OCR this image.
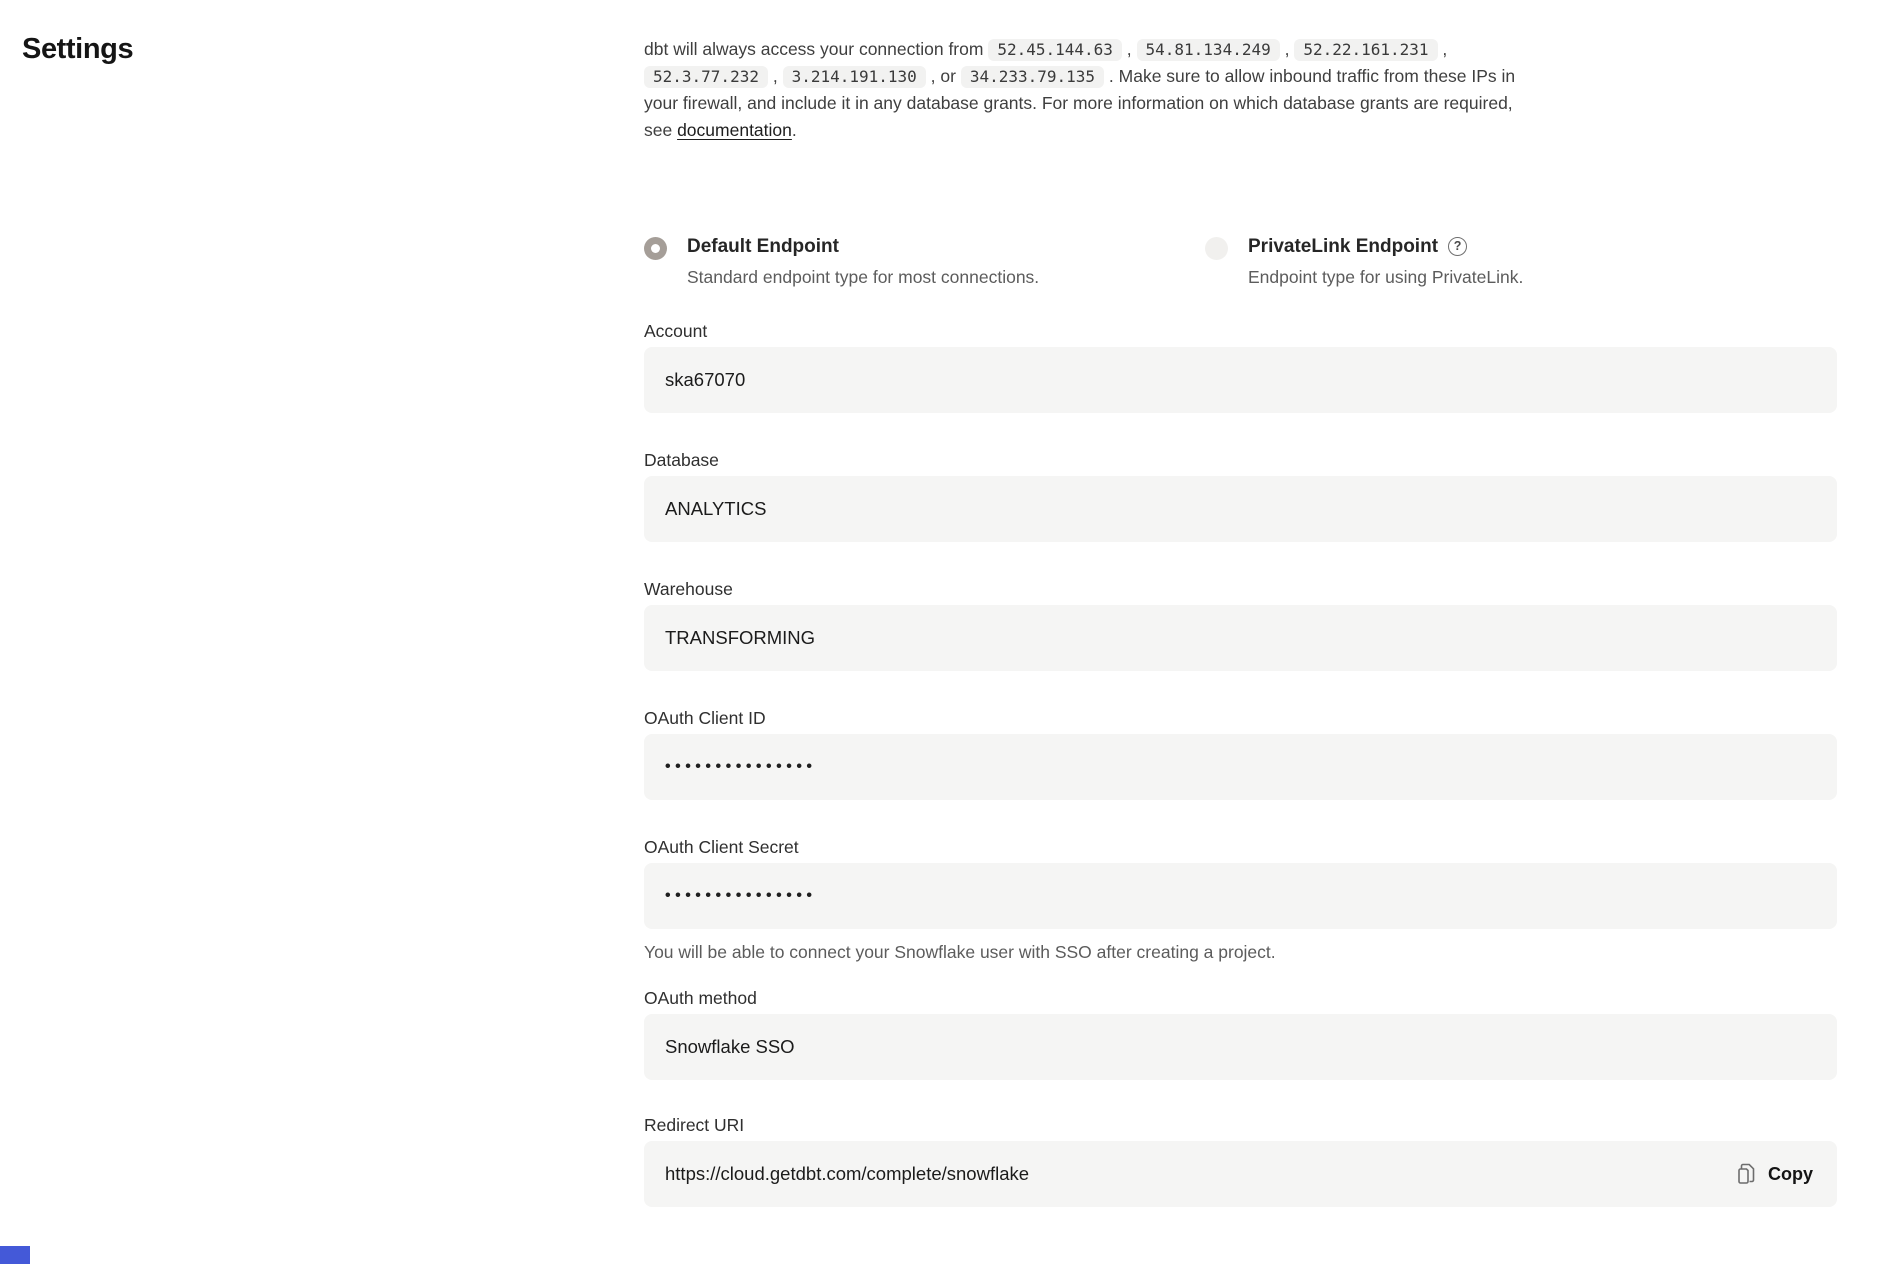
Settings	dbt will always access your connection from 52.45.144.63 , 54.81.134.249 , 52.22.161.231 , 52.3.77.232 , 3.214.191.130 , or 34.233.79.135 . Make sure to allow inbound traffic from these IPs in your firewall, and include it in any database grants. For more information on which database grants are required, see documentation.

Default Endpoint
Standard endpoint type for most connections.
PrivateLink Endpoint	?
Endpoint type for using PrivateLink.
Account
ska67070
Database
ANALYTICS
Warehouse
TRANSFORMING
OAuth Client ID
•••••••••••••••
OAuth Client Secret
•••••••••••••••
You will be able to connect your Snowflake user with SSO after creating a project.
OAuth method
Snowflake SSO
Redirect URI
https://cloud.getdbt.com/complete/snowflake	Copy
